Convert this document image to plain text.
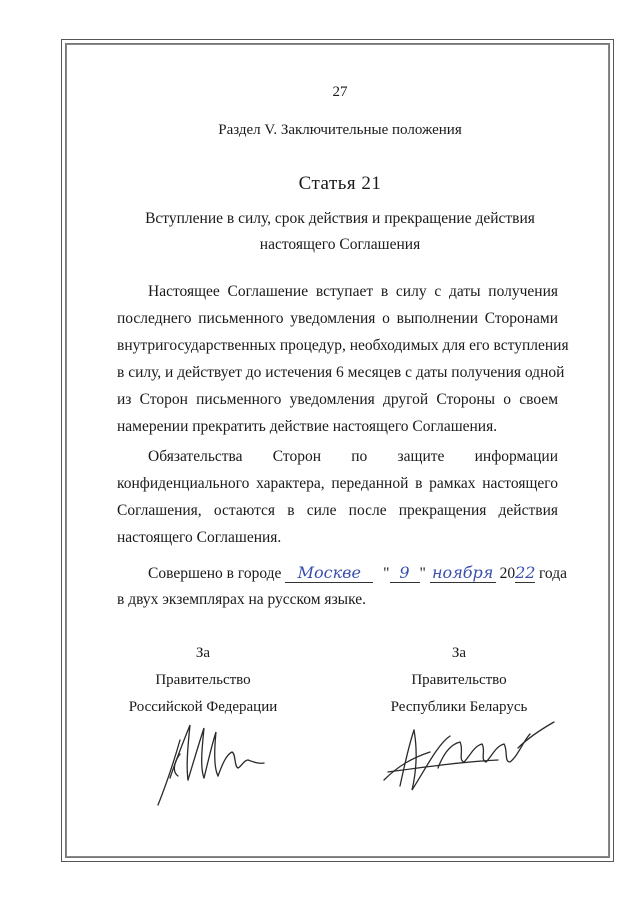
27
Раздел V. Заключительные положения
Статья 21
Вступление в силу, срок действия и прекращение действия
настоящего Соглашения
Настоящее Соглашение вступает в силу с даты получения
последнего письменного уведомления о выполнении Сторонами
внутригосударственных процедур, необходимых для его вступления
в силу, и действует до истечения 6 месяцев с даты получения одной
из Сторон письменного уведомления другой Стороны о своем
намерении прекратить действие настоящего Соглашения.
Обязательства Сторон по защите информации
конфиденциального характера, переданной в рамках настоящего
Соглашения, остаются в силе после прекращения действия
настоящего Соглашения.
Совершено в городе Москве " 9 " ноября 2022 года
в двух экземплярах на русском языке.
За
Правительство
Российской Федерации
За
Правительство
Республики Беларусь
